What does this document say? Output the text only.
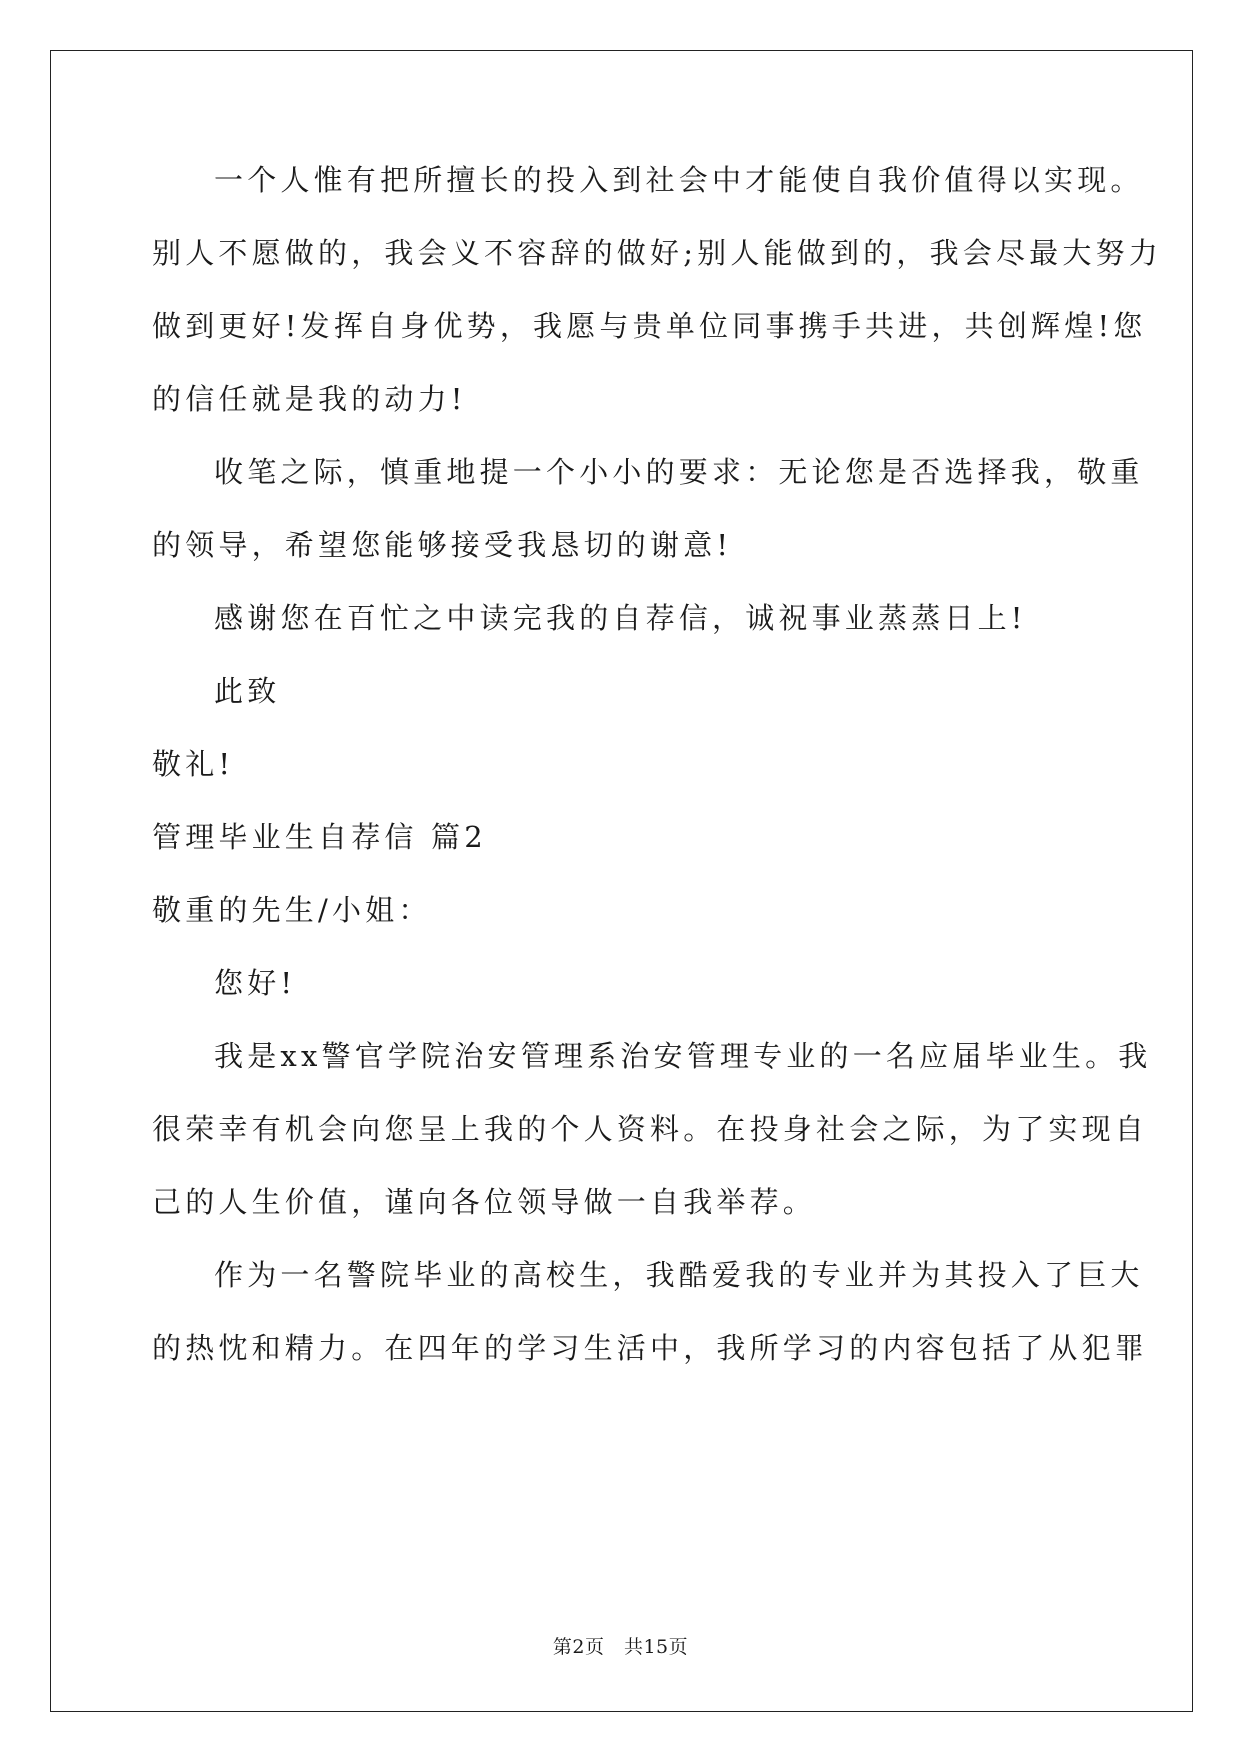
一个人惟有把所擅长的投入到社会中才能使自我价值得以实现。
别人不愿做的，我会义不容辞的做好;别人能做到的，我会尽最大努力
做到更好!发挥自身优势，我愿与贵单位同事携手共进，共创辉煌!您
的信任就是我的动力!
收笔之际，慎重地提一个小小的要求：无论您是否选择我，敬重
的领导，希望您能够接受我恳切的谢意!
感谢您在百忙之中读完我的自荐信，诚祝事业蒸蒸日上!
此致
敬礼!
管理毕业生自荐信 篇2
敬重的先生/小姐：
您好!
我是xx警官学院治安管理系治安管理专业的一名应届毕业生。我
很荣幸有机会向您呈上我的个人资料。在投身社会之际，为了实现自
己的人生价值，谨向各位领导做一自我举荐。
作为一名警院毕业的高校生，我酷爱我的专业并为其投入了巨大
的热忱和精力。在四年的学习生活中，我所学习的内容包括了从犯罪
第2页　共15页
